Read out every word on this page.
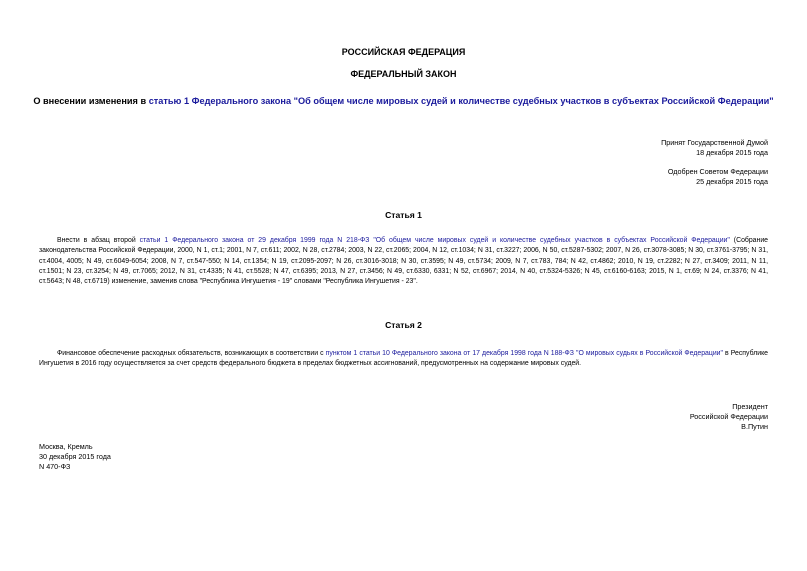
РОССИЙСКАЯ ФЕДЕРАЦИЯ
ФЕДЕРАЛЬНЫЙ ЗАКОН
О внесении изменения в статью 1 Федерального закона "Об общем числе мировых судей и количестве судебных участков в субъектах Российской Федерации"
Принят Государственной Думой
18 декабря 2015 года
Одобрен Советом Федерации
25 декабря 2015 года
Статья 1
Внести в абзац второй статьи 1 Федерального закона от 29 декабря 1999 года N 218-ФЗ "Об общем числе мировых судей и количестве судебных участков в субъектах Российской Федерации" (Собрание законодательства Российской Федерации, 2000, N 1, ст.1; 2001, N 7, ст.611; 2002, N 28, ст.2784; 2003, N 22, ст.2065; 2004, N 12, ст.1034; N 31, ст.3227; 2006, N 50, ст.5287-5302; 2007, N 26, ст.3078-3085; N 30, ст.3761-3795; N 31, ст.4004, 4005; N 49, ст.6049-6054; 2008, N 7, ст.547-550; N 14, ст.1354; N 19, ст.2095-2097; N 26, ст.3016-3018; N 30, ст.3595; N 49, ст.5734; 2009, N 7, ст.783, 784; N 42, ст.4862; 2010, N 19, ст.2282; N 27, ст.3409; 2011, N 11, ст.1501; N 23, ст.3254; N 49, ст.7065; 2012, N 31, ст.4335; N 41, ст.5528; N 47, ст.6395; 2013, N 27, ст.3456; N 49, ст.6330, 6331; N 52, ст.6967; 2014, N 40, ст.5324-5326; N 45, ст.6160-6163; 2015, N 1, ст.69; N 24, ст.3376; N 41, ст.5643; N 48, ст.6719) изменение, заменив слова "Республика Ингушетия - 19" словами "Республика Ингушетия - 23".
Статья 2
Финансовое обеспечение расходных обязательств, возникающих в соответствии с пунктом 1 статьи 10 Федерального закона от 17 декабря 1998 года N 188-ФЗ "О мировых судьях в Российской Федерации" в Республике Ингушетия в 2016 году осуществляется за счет средств федерального бюджета в пределах бюджетных ассигнований, предусмотренных на содержание мировых судей.
Президент
Российской Федерации
В.Путин
Москва, Кремль
30 декабря 2015 года
N 470-ФЗ
